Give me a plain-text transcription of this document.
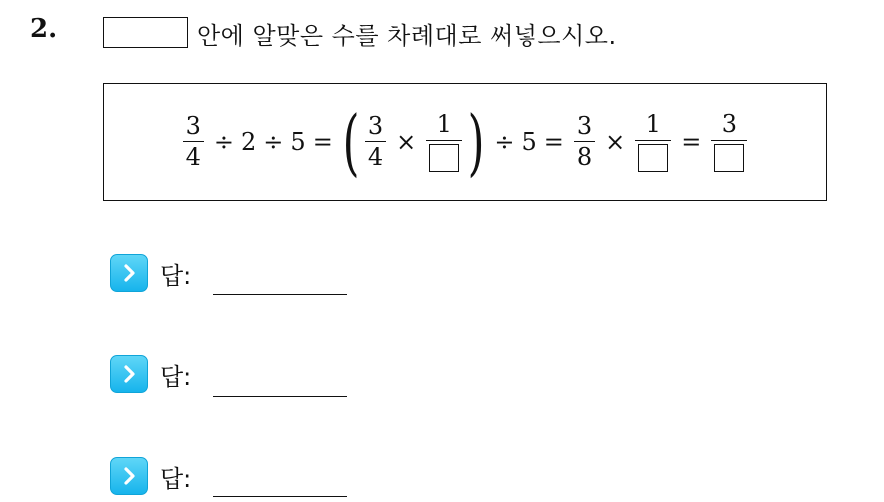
2.	안에 알맞은 수를 차례대로 써넣으시오.
$\frac{3}{4} \div 2 \div 5$ = ( $\frac{3}{4}$ ×
1 ) ÷ $5 = \frac{3}{8}$ ×
1
=
3
답:
답:
답:
